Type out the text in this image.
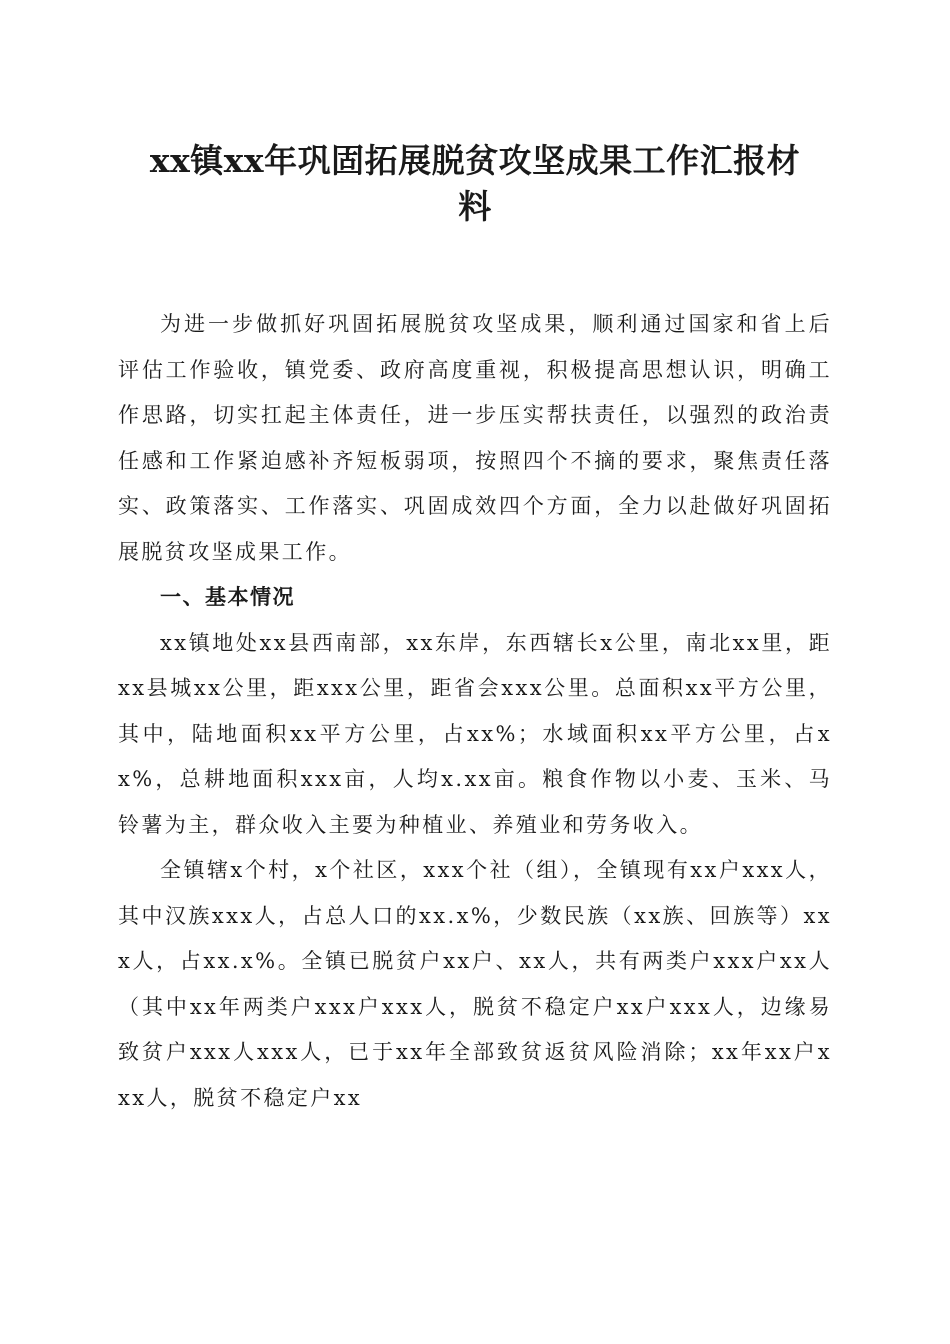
xx镇xx年巩固拓展脱贫攻坚成果工作汇报材
料

为进一步做抓好巩固拓展脱贫攻坚成果，顺利通过国家和省上后评估工作验收，镇党委、政府高度重视，积极提高思想认识，明确工作思路，切实扛起主体责任，进一步压实帮扶责任，以强烈的政治责任感和工作紧迫感补齐短板弱项，按照四个不摘的要求，聚焦责任落实、政策落实、工作落实、巩固成效四个方面，全力以赴做好巩固拓展脱贫攻坚成果工作。

一、基本情况

xx镇地处xx县西南部，xx东岸，东西辖长x公里，南北xx里，距xx县城xx公里，距xxx公里，距省会xxx公里。总面积xx平方公里，其中，陆地面积xx平方公里，占xx%；水域面积xx平方公里，占xx%，总耕地面积xxx亩，人均x.xx亩。粮食作物以小麦、玉米、马铃薯为主，群众收入主要为种植业、养殖业和劳务收入。

全镇辖x个村，x个社区，xxx个社（组），全镇现有xx户xxx人，其中汉族xxx人，占总人口的xx.x%，少数民族（xx族、回族等）xxx人，占xx.x%。全镇已脱贫户xx户、xx人，共有两类户xxx户xx人（其中xx年两类户xxx户xxx人，脱贫不稳定户xx户xxx人，边缘易致贫户xxx人xxx人，已于xx年全部致贫返贫风险消除；xx年xx户xxx人，脱贫不稳定户xx
